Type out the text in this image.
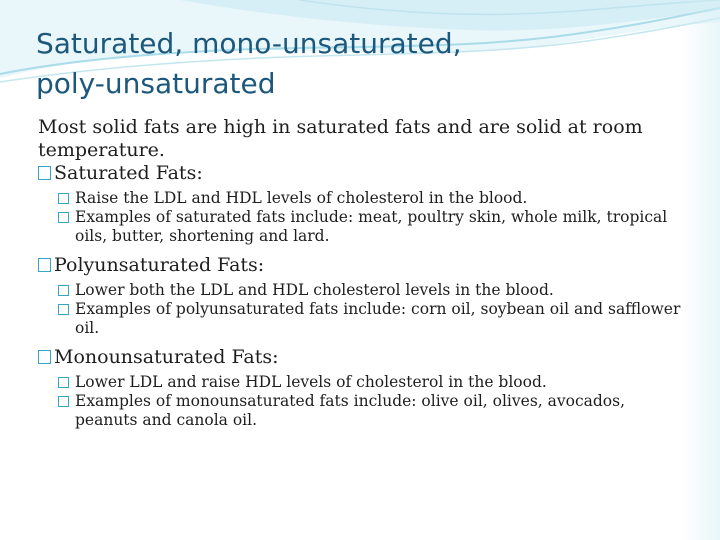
Saturated, mono-unsaturated,
poly-unsaturated

Most solid fats are high in saturated fats and are solid at room temperature.

Saturated Fats:
Raise the LDL and HDL levels of cholesterol in the blood.
Examples of saturated fats include: meat, poultry skin, whole milk, tropical oils, butter, shortening and lard.
Polyunsaturated Fats:
Lower both the LDL and HDL cholesterol levels in the blood.
Examples of polyunsaturated fats include: corn oil, soybean oil and safflower oil.
Monounsaturated Fats:
Lower LDL and raise HDL levels of cholesterol in the blood.
Examples of monounsaturated fats include: olive oil, olives, avocados, peanuts and canola oil.
